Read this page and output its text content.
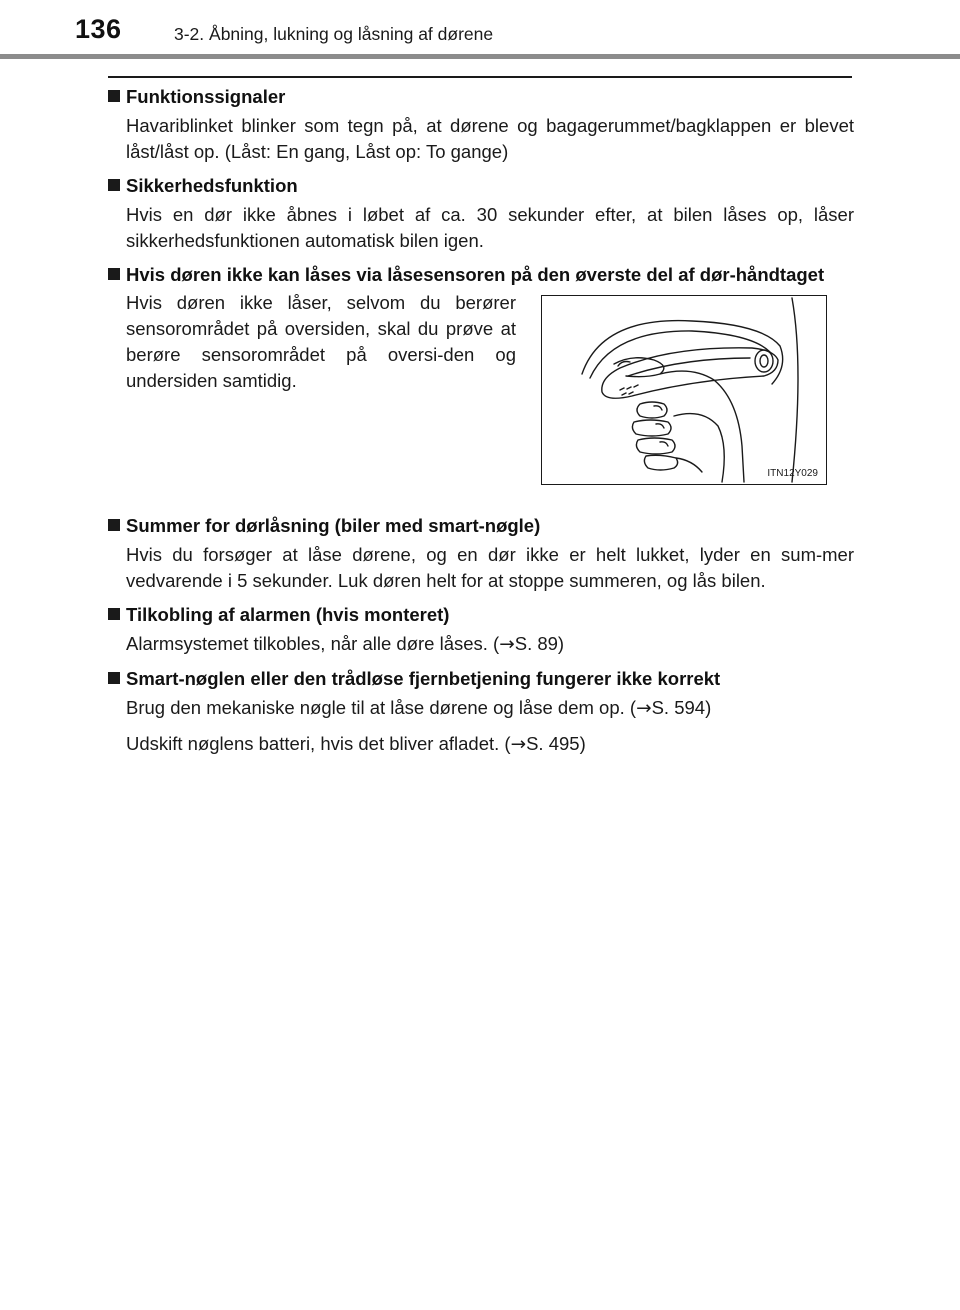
136	3-2. Åbning, lukning og låsning af dørene
Funktionssignaler
Havariblinket blinker som tegn på, at dørene og bagagerummet/bagklappen er blevet låst/låst op. (Låst: En gang, Låst op: To gange)
Sikkerhedsfunktion
Hvis en dør ikke åbnes i løbet af ca. 30 sekunder efter, at bilen låses op, låser sikkerhedsfunktionen automatisk bilen igen.
Hvis døren ikke kan låses via låsesensoren på den øverste del af dør-håndtaget
Hvis døren ikke låser, selvom du berører sensorområdet på oversiden, skal du prøve at berøre sensorområdet på oversi-den og undersiden samtidig.
ITN12Y029
Summer for dørlåsning (biler med smart-nøgle)
Hvis du forsøger at låse dørene, og en dør ikke er helt lukket, lyder en sum-mer vedvarende i 5 sekunder. Luk døren helt for at stoppe summeren, og lås bilen.
Tilkobling af alarmen (hvis monteret)
Alarmsystemet tilkobles, når alle døre låses. (→S. 89)
Smart-nøglen eller den trådløse fjernbetjening fungerer ikke korrekt
Brug den mekaniske nøgle til at låse dørene og låse dem op. (→S. 594)
Udskift nøglens batteri, hvis det bliver afladet. (→S. 495)
